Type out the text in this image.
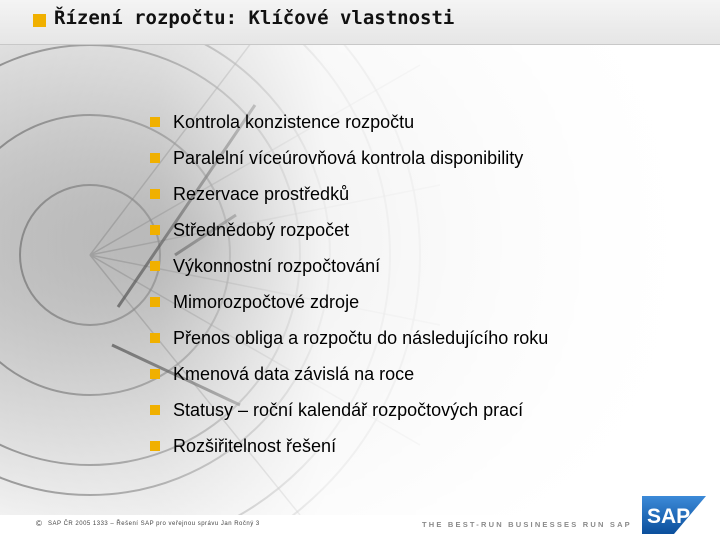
Řízení rozpočtu: Klíčové vlastnosti
Kontrola konzistence rozpočtu
Paralelní víceúrovňová kontrola disponibility
Rezervace prostředků
Střednědobý rozpočet
Výkonnostní rozpočtování
Mimorozpočtové zdroje
Přenos obliga a rozpočtu do následujícího roku
Kmenová data závislá na roce
Statusy – roční kalendář rozpočtových prací
Rozšiřitelnost řešení
© SAP ČR 2005 1333 – Řešení SAP pro veřejnou správu Jan Ročný 3	THE BEST-RUN BUSINESSES RUN SAP SAP
